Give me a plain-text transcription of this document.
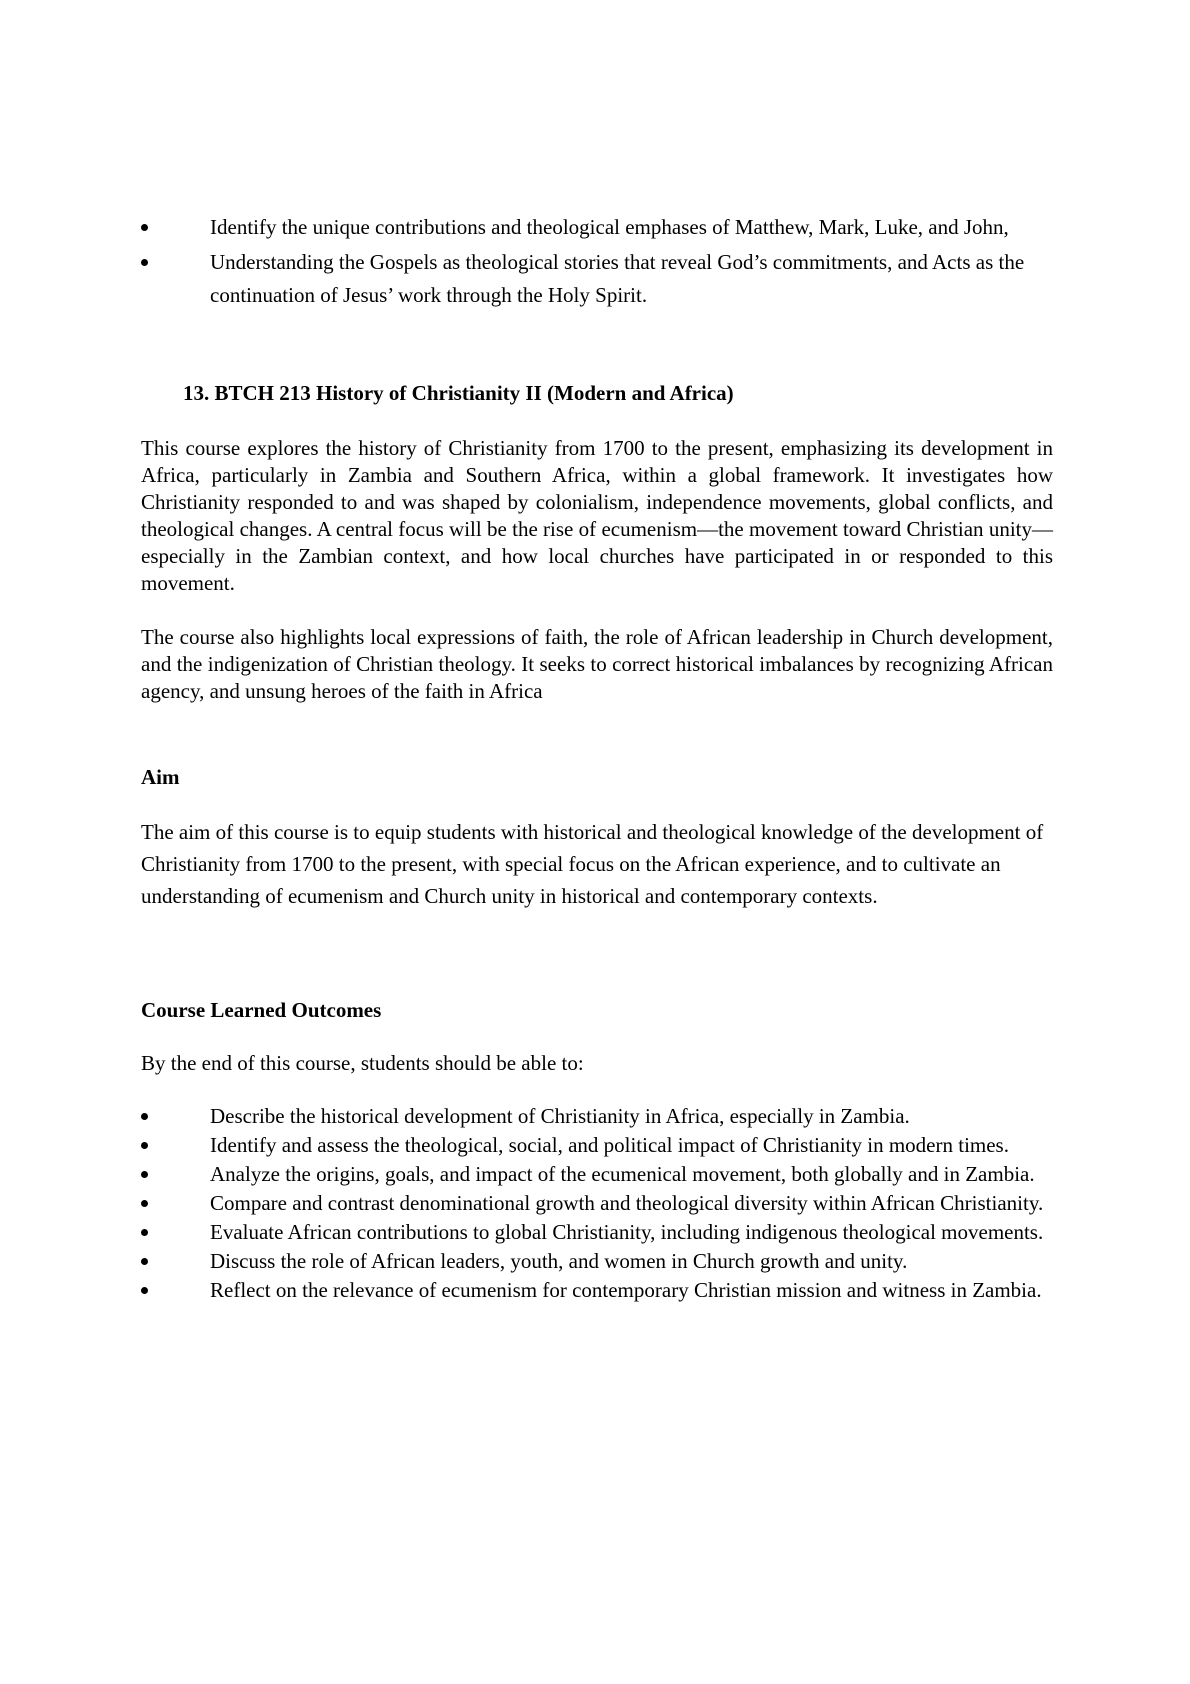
Identify the unique contributions and theological emphases of Matthew, Mark, Luke, and John,
Understanding the Gospels as theological stories that reveal God’s commitments, and Acts as the continuation of Jesus’ work through the Holy Spirit.
13. BTCH 213 History of Christianity II (Modern and Africa)

This course explores the history of Christianity from 1700 to the present, emphasizing its development in Africa, particularly in Zambia and Southern Africa, within a global framework. It investigates how Christianity responded to and was shaped by colonialism, independence movements, global conflicts, and theological changes. A central focus will be the rise of ecumenism—the movement toward Christian unity—especially in the Zambian context, and how local churches have participated in or responded to this movement.

The course also highlights local expressions of faith, the role of African leadership in Church development, and the indigenization of Christian theology. It seeks to correct historical imbalances by recognizing African agency, and unsung heroes of the faith in Africa

Aim

The aim of this course is to equip students with historical and theological knowledge of the development of Christianity from 1700 to the present, with special focus on the African experience, and to cultivate an understanding of ecumenism and Church unity in historical and contemporary contexts.

Course Learned Outcomes
By the end of this course, students should be able to:
Describe the historical development of Christianity in Africa, especially in Zambia.
Identify and assess the theological, social, and political impact of Christianity in modern times.
Analyze the origins, goals, and impact of the ecumenical movement, both globally and in Zambia.
Compare and contrast denominational growth and theological diversity within African Christianity.
Evaluate African contributions to global Christianity, including indigenous theological movements.
Discuss the role of African leaders, youth, and women in Church growth and unity.
Reflect on the relevance of ecumenism for contemporary Christian mission and witness in Zambia.
